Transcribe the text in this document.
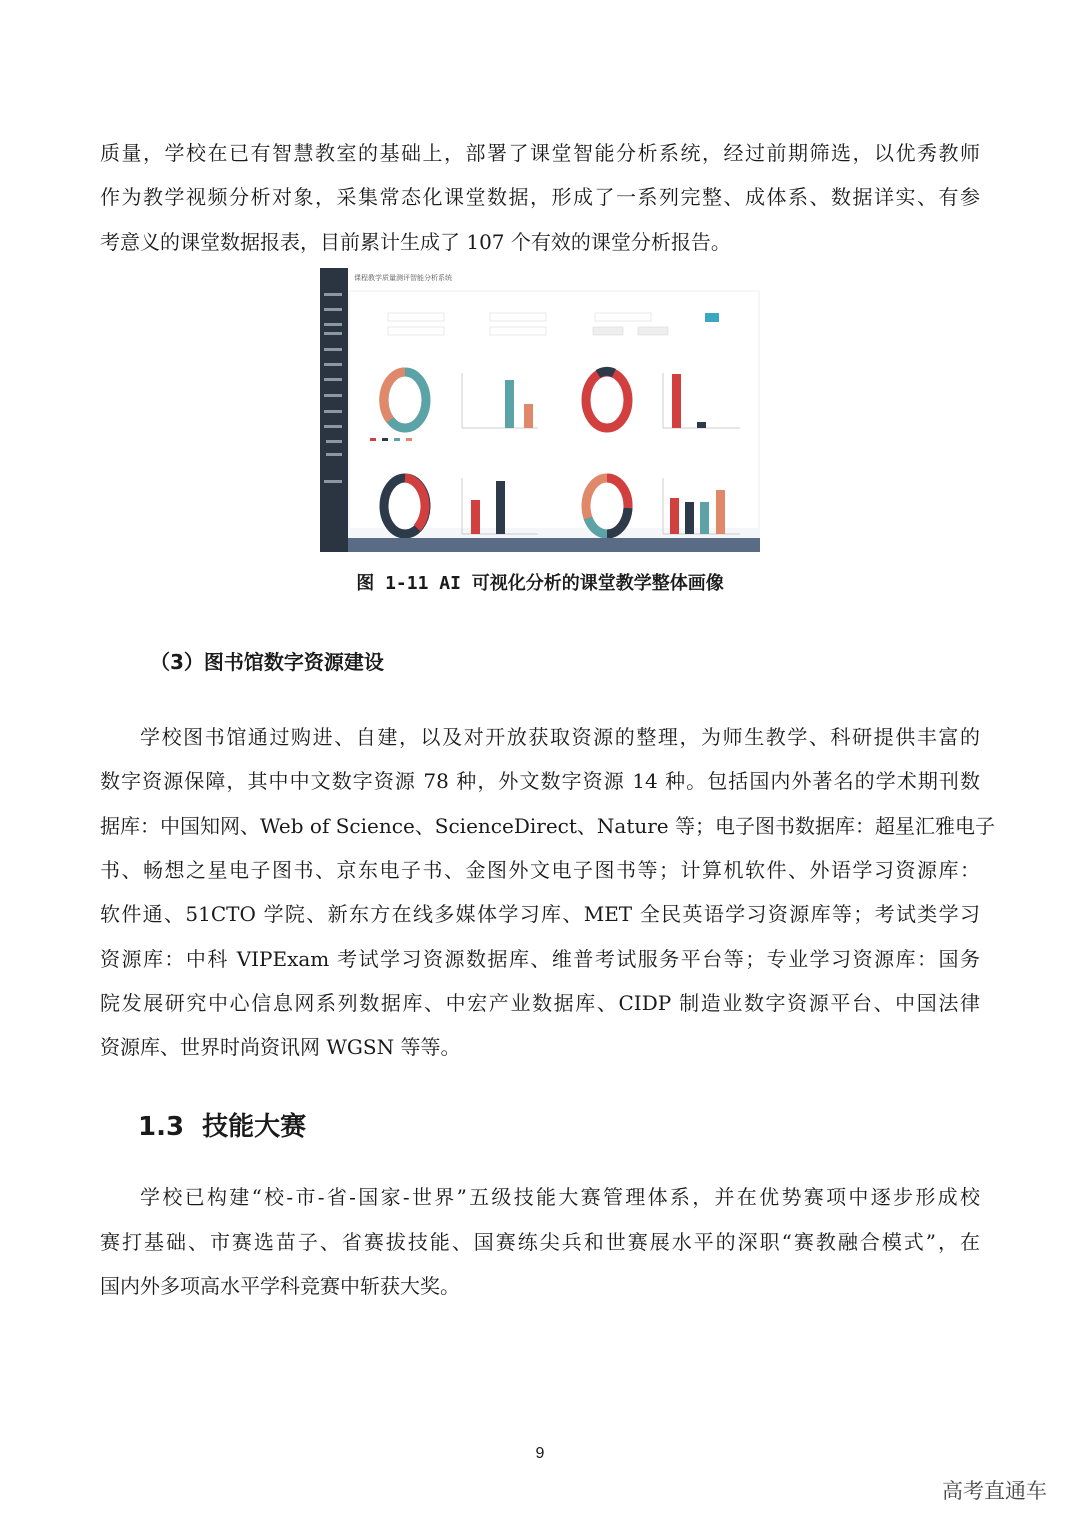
质量，学校在已有智慧教室的基础上，部署了课堂智能分析系统，经过前期筛选，以优秀教师
作为教学视频分析对象，采集常态化课堂数据，形成了一系列完整、成体系、数据详实、有参
考意义的课堂数据报表，目前累计生成了 107 个有效的课堂分析报告。
课程教学质量测评智能分析系统
图 1-11 AI 可视化分析的课堂教学整体画像
（3）图书馆数字资源建设
学校图书馆通过购进、自建，以及对开放获取资源的整理，为师生教学、科研提供丰富的
数字资源保障，其中中文数字资源 78 种，外文数字资源 14 种。包括国内外著名的学术期刊数
据库：中国知网、Web of Science、ScienceDirect、Nature 等；电子图书数据库：超星汇雅电子
书、畅想之星电子图书、京东电子书、金图外文电子图书等；计算机软件、外语学习资源库：
软件通、51CTO 学院、新东方在线多媒体学习库、MET 全民英语学习资源库等；考试类学习
资源库：中科 VIPExam 考试学习资源数据库、维普考试服务平台等；专业学习资源库：国务
院发展研究中心信息网系列数据库、中宏产业数据库、CIDP 制造业数字资源平台、中国法律
资源库、世界时尚资讯网 WGSN 等等。
1.3  技能大赛
学校已构建“校-市-省-国家-世界”五级技能大赛管理体系，并在优势赛项中逐步形成校
赛打基础、市赛选苗子、省赛拔技能、国赛练尖兵和世赛展水平的深职“赛教融合模式”，在
国内外多项高水平学科竞赛中斩获大奖。
9
高考直通车
